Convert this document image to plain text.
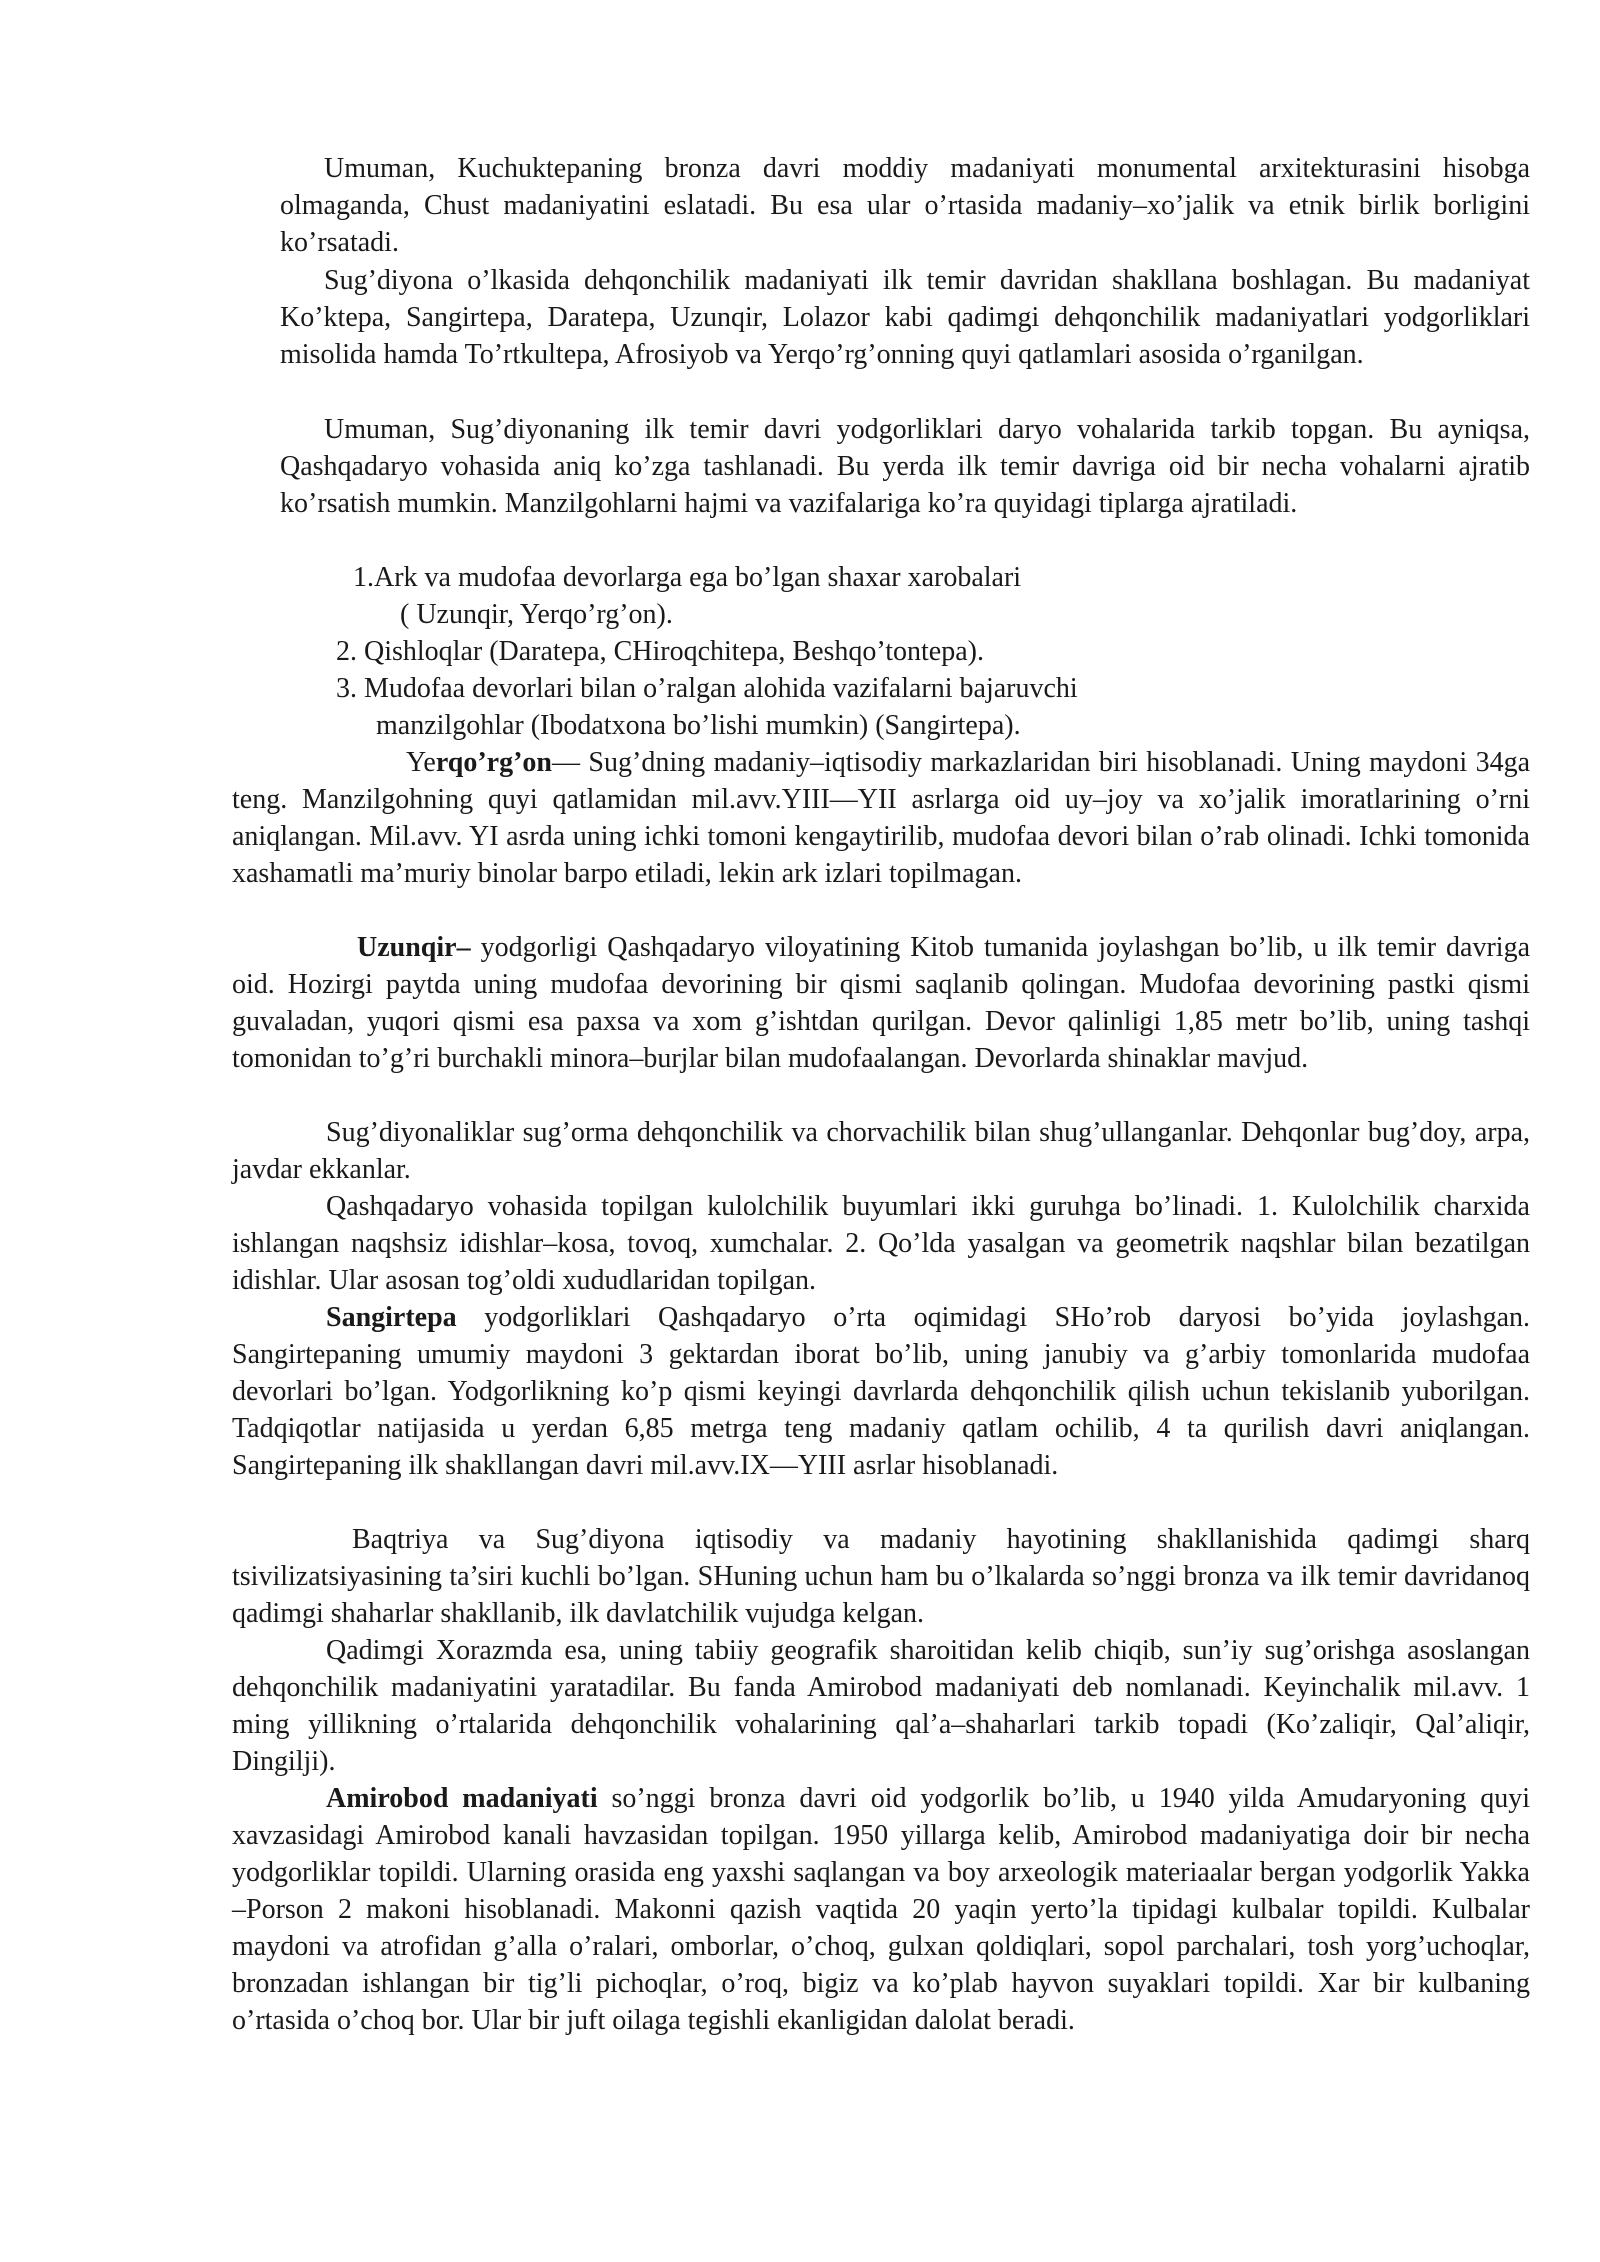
Umuman, Kuchuktepaning bronza davri moddiy madaniyati monumental arxitekturasini hisobga olmaganda, Chust madaniyatini eslatadi. Bu esa ular o’rtasida madaniy–xo’jalik va etnik birlik borligini ko’rsatadi.

Sug’diyona o’lkasida dehqonchilik madaniyati ilk temir davridan shakllana boshlagan. Bu madaniyat Ko’ktepa, Sangirtepa, Daratepa, Uzunqir, Lolazor kabi qadimgi dehqonchilik madaniyatlari yodgorliklari misolida hamda To’rtkultepa, Afrosiyob va Yerqo’rg’onning quyi qatlamlari asosida o’rganilgan.

Umuman, Sug’diyonaning ilk temir davri yodgorliklari daryo vohalarida tarkib topgan. Bu ayniqsa, Qashqadaryo vohasida aniq ko’zga tashlanadi. Bu yerda ilk temir davriga oid bir necha vohalarni ajratib ko’rsatish mumkin. Manzilgohlarni hajmi va vazifalariga ko’ra quyidagi tiplarga ajratiladi.

1.Ark va mudofaa devorlarga ega bo’lgan shaxar xarobalari

( Uzunqir, Yerqo’rg’on).

2. Qishloqlar (Daratepa, CHiroqchitepa, Beshqo’tontepa).

3. Mudofaa devorlari bilan o’ralgan alohida vazifalarni bajaruvchi

manzilgohlar (Ibodatxona bo’lishi mumkin) (Sangirtepa).

Yerqo’rg’on— Sug’dning madaniy–iqtisodiy markazlaridan biri hisoblanadi. Uning maydoni 34ga teng. Manzilgohning quyi qatlamidan mil.avv.YIII—YII asrlarga oid uy–joy va xo’jalik imoratlarining o’rni aniqlangan. Mil.avv. YI asrda uning ichki tomoni kengaytirilib, mudofaa devori bilan o’rab olinadi. Ichki tomonida xashamatli ma’muriy binolar barpo etiladi, lekin ark izlari topilmagan.

Uzunqir– yodgorligi Qashqadaryo viloyatining Kitob tumanida joylashgan bo’lib, u ilk temir davriga oid. Hozirgi paytda uning mudofaa devorining bir qismi saqlanib qolingan. Mudofaa devorining pastki qismi guvaladan, yuqori qismi esa paxsa va xom g’ishtdan qurilgan. Devor qalinligi 1,85 metr bo’lib, uning tashqi tomonidan to’g’ri burchakli minora–burjlar bilan mudofaalangan. Devorlarda shinaklar mavjud.

Sug’diyonaliklar sug’orma dehqonchilik va chorvachilik bilan shug’ullanganlar. Dehqonlar bug’doy, arpa, javdar ekkanlar.

Qashqadaryo vohasida topilgan kulolchilik buyumlari ikki guruhga bo’linadi. 1. Kulolchilik charxida ishlangan naqshsiz idishlar–kosa, tovoq, xumchalar. 2. Qo’lda yasalgan va geometrik naqshlar bilan bezatilgan idishlar. Ular asosan tog’oldi xududlaridan topilgan.

Sangirtepa yodgorliklari Qashqadaryo o’rta oqimidagi SHo’rob daryosi bo’yida joylashgan. Sangirtepaning umumiy maydoni 3 gektardan iborat bo’lib, uning janubiy va g’arbiy tomonlarida mudofaa devorlari bo’lgan. Yodgorlikning ko’p qismi keyingi davrlarda dehqonchilik qilish uchun tekislanib yuborilgan. Tadqiqotlar natijasida u yerdan 6,85 metrga teng madaniy qatlam ochilib, 4 ta qurilish davri aniqlangan. Sangirtepaning ilk shakllangan davri mil.avv.IX—YIII asrlar hisoblanadi.

Baqtriya va Sug’diyona iqtisodiy va madaniy hayotining shakllanishida qadimgi sharq tsivilizatsiyasining ta’siri kuchli bo’lgan. SHuning uchun ham bu o’lkalarda so’nggi bronza va ilk temir davridanoq qadimgi shaharlar shakllanib, ilk davlatchilik vujudga kelgan.

Qadimgi Xorazmda esa, uning tabiiy geografik sharoitidan kelib chiqib, sun’iy sug’orishga asoslangan dehqonchilik madaniyatini yaratadilar. Bu fanda Amirobod madaniyati deb nomlanadi. Keyinchalik mil.avv. 1 ming yillikning o’rtalarida dehqonchilik vohalarining qal’a–shaharlari tarkib topadi (Ko’zaliqir, Qal’aliqir, Dingilji).

Amirobod madaniyati so’nggi bronza davri oid yodgorlik bo’lib, u 1940 yilda Amudaryoning quyi xavzasidagi Amirobod kanali havzasidan topilgan. 1950 yillarga kelib, Amirobod madaniyatiga doir bir necha yodgorliklar topildi. Ularning orasida eng yaxshi saqlangan va boy arxeologik materiaalar bergan yodgorlik Yakka –Porson 2 makoni hisoblanadi. Makonni qazish vaqtida 20 yaqin yerto’la tipidagi kulbalar topildi. Kulbalar maydoni va atrofidan g’alla o’ralari, omborlar, o’choq, gulxan qoldiqlari, sopol parchalari, tosh yorg’uchoqlar, bronzadan ishlangan bir tig’li pichoqlar, o’roq, bigiz va ko’plab hayvon suyaklari topildi. Xar bir kulbaning o’rtasida o’choq bor. Ular bir juft oilaga tegishli ekanligidan dalolat beradi.
